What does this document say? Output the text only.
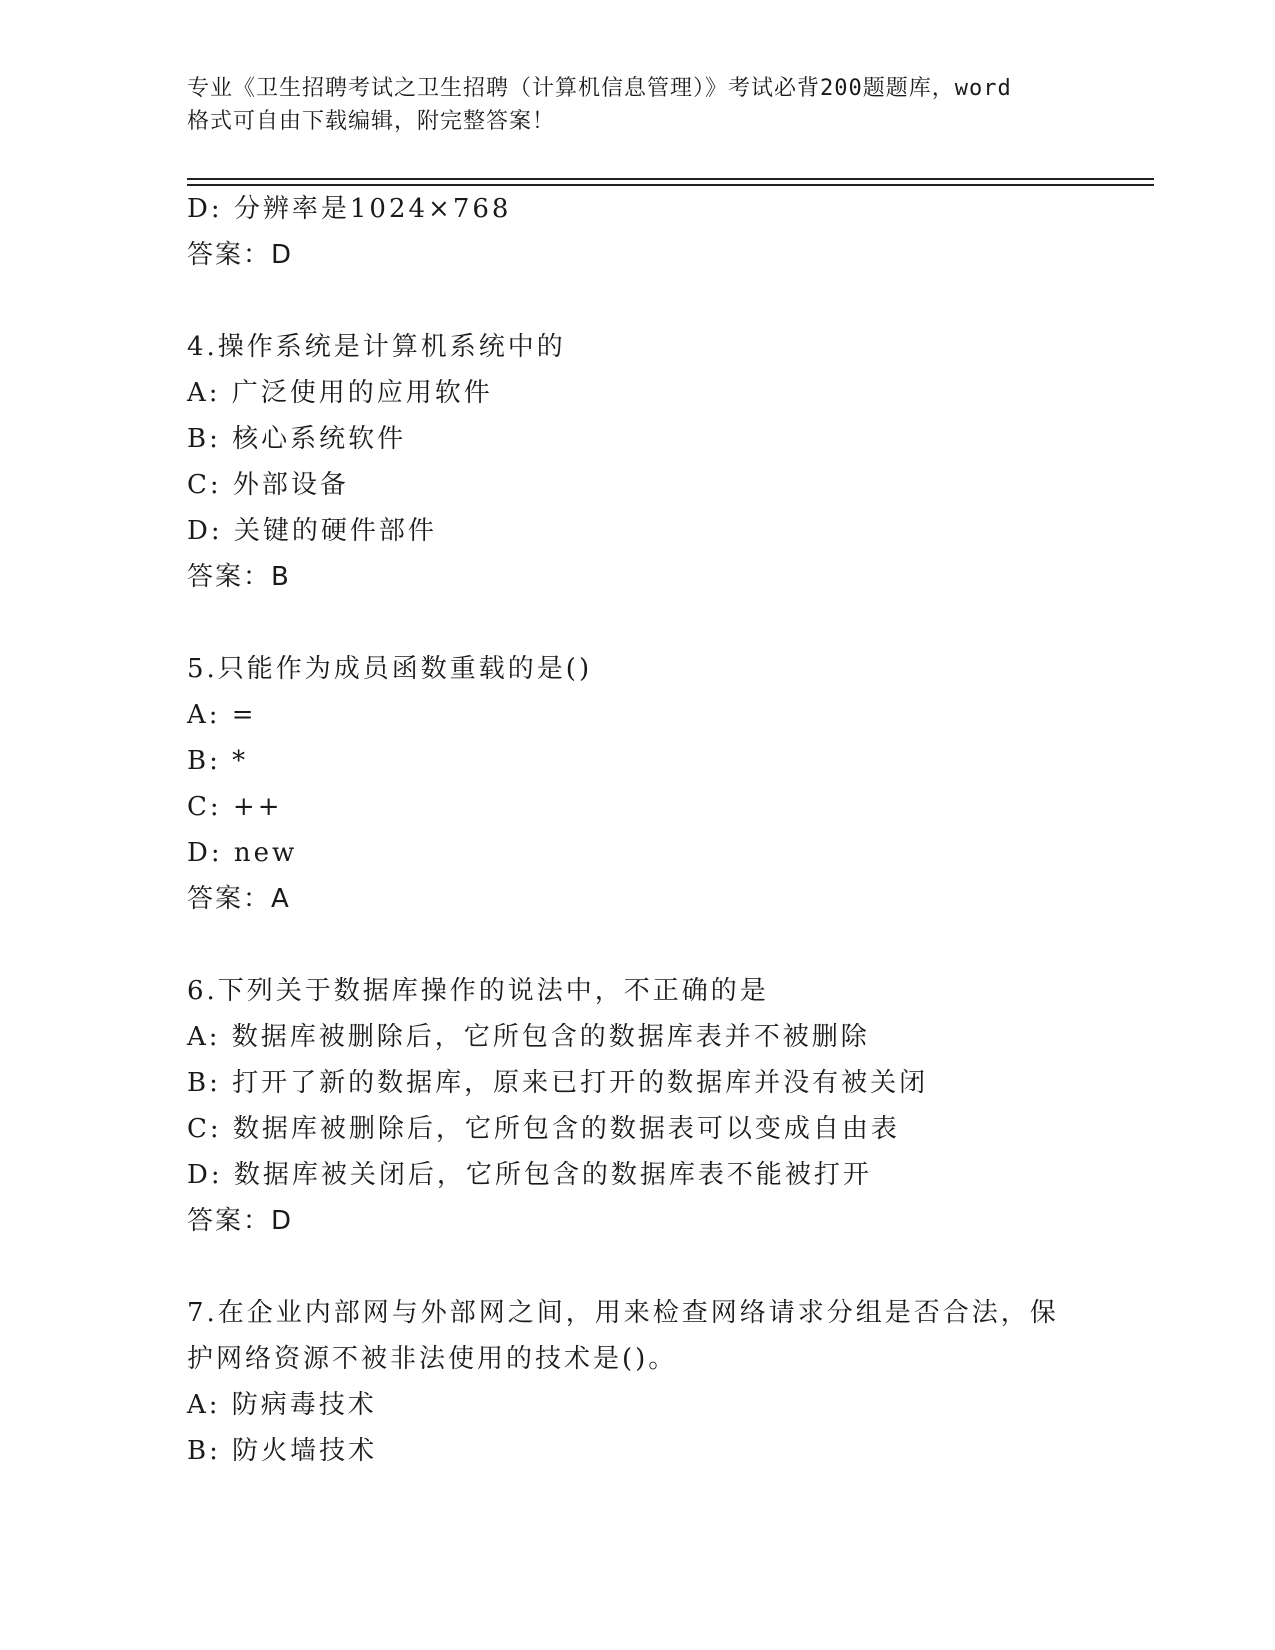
专业《卫生招聘考试之卫生招聘（计算机信息管理）》考试必背200题题库，word
格式可自由下载编辑，附完整答案！
D: 分辨率是1024×768
答案：D
4.操作系统是计算机系统中的
A: 广泛使用的应用软件
B: 核心系统软件
C: 外部设备
D: 关键的硬件部件
答案：B
5.只能作为成员函数重载的是()
A: =
B: *
C: ++
D: new
答案：A
6.下列关于数据库操作的说法中，不正确的是
A: 数据库被删除后，它所包含的数据库表并不被删除
B: 打开了新的数据库，原来已打开的数据库并没有被关闭
C: 数据库被删除后，它所包含的数据表可以变成自由表
D: 数据库被关闭后，它所包含的数据库表不能被打开
答案：D
7.在企业内部网与外部网之间，用来检查网络请求分组是否合法，保
护网络资源不被非法使用的技术是()。
A: 防病毒技术
B: 防火墙技术
